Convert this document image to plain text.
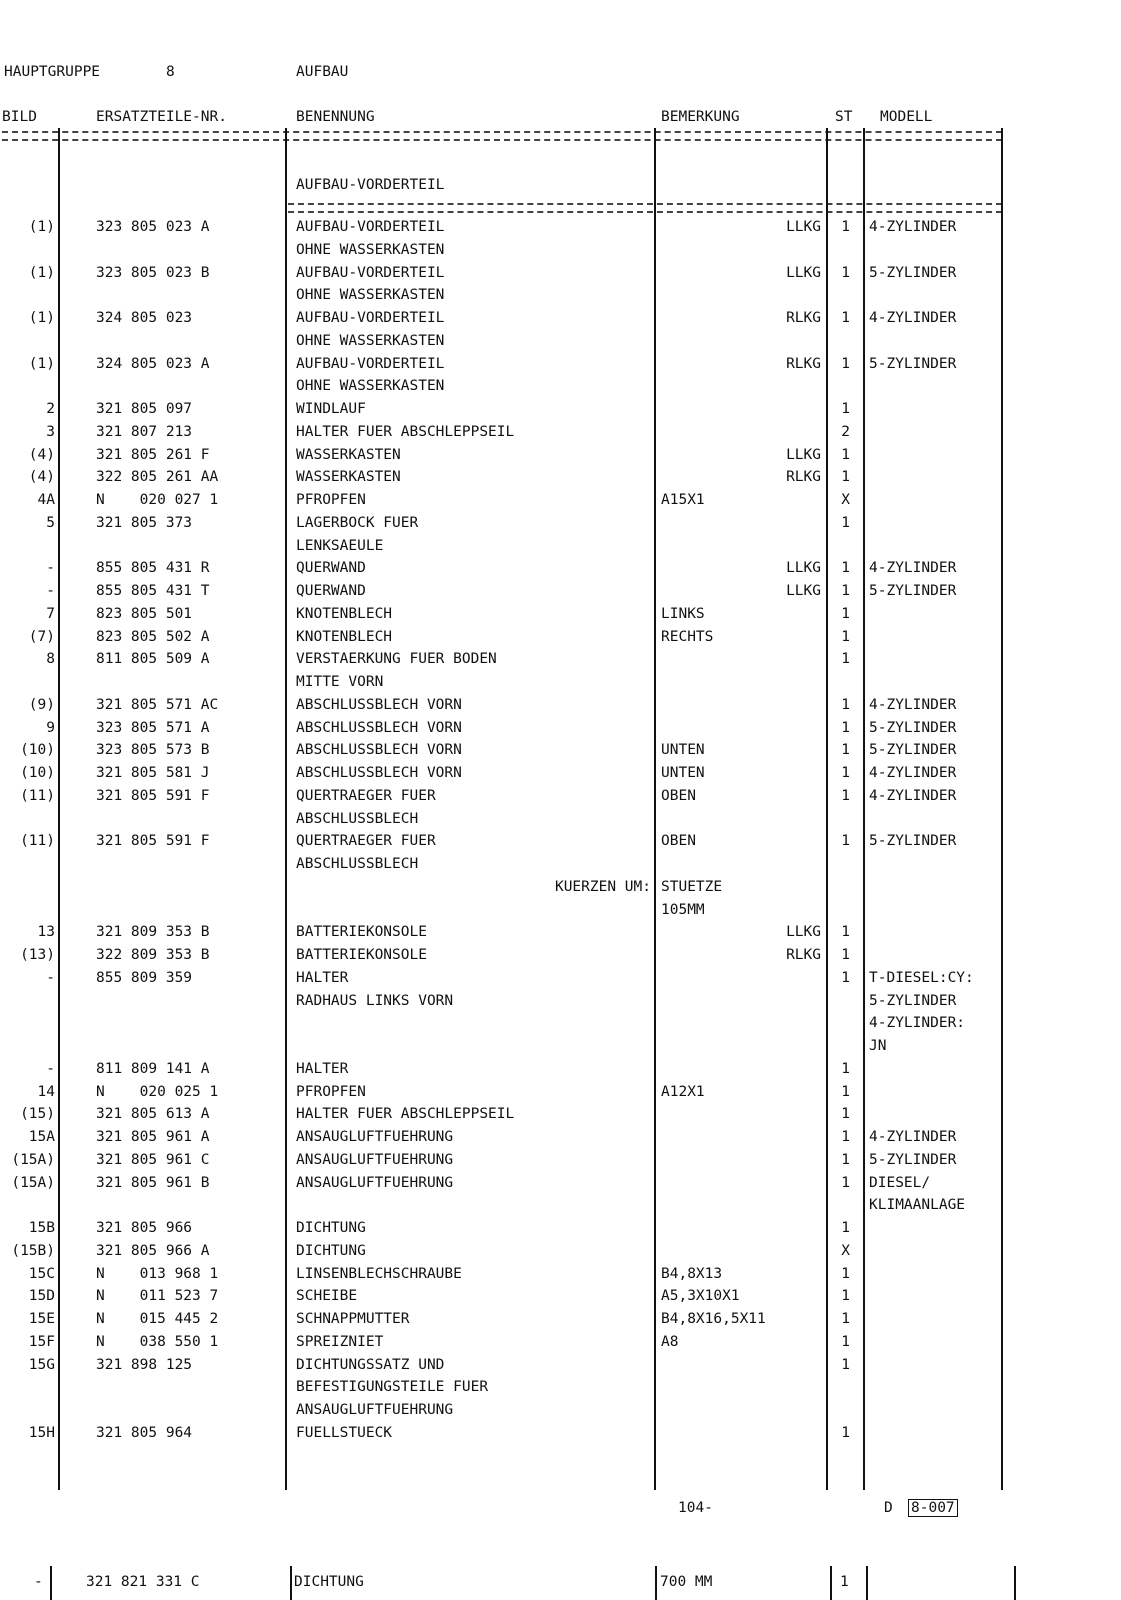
HAUPTGRUPPE	8	AUFBAU
BILD	ERSATZTEILE-NR.	BENENNUNG	BEMERKUNG	ST MODELL
AUFBAU-VORDERTEIL
(1)	323 805 023 A	AUFBAU-VORDERTEIL	LLKG 1 4-ZYLINDER
OHNE WASSERKASTEN
(1)	323 805 023 B	AUFBAU-VORDERTEIL	LLKG 1 5-ZYLINDER
OHNE WASSERKASTEN
(1)	324 805 023	AUFBAU-VORDERTEIL	RLKG 1 4-ZYLINDER
OHNE WASSERKASTEN
(1)	324 805 023 A	AUFBAU-VORDERTEIL	RLKG 1 5-ZYLINDER
OHNE WASSERKASTEN
2	321 805 097	WINDLAUF	1
3	321 807 213	HALTER FUER ABSCHLEPPSEIL	2
(4)	321 805 261 F	WASSERKASTEN	LLKG 1
(4)	322 805 261 AA	WASSERKASTEN	RLKG 1
4A	N    020 027 1	PFROPFEN	A15X1	X
5	321 805 373	LAGERBOCK FUER	1
LENKSAEULE
-	855 805 431 R	QUERWAND	LLKG 1 4-ZYLINDER
-	855 805 431 T	QUERWAND	LLKG 1 5-ZYLINDER
7	823 805 501	KNOTENBLECH	LINKS	1
(7)	823 805 502 A	KNOTENBLECH	RECHTS	1
8	811 805 509 A	VERSTAERKUNG FUER BODEN	1
MITTE VORN
(9)	321 805 571 AC	ABSCHLUSSBLECH VORN	1 4-ZYLINDER
9	323 805 571 A	ABSCHLUSSBLECH VORN	1 5-ZYLINDER
(10)	323 805 573 B	ABSCHLUSSBLECH VORN	UNTEN	1 5-ZYLINDER
(10)	321 805 581 J	ABSCHLUSSBLECH VORN	UNTEN	1 4-ZYLINDER
(11)	321 805 591 F	QUERTRAEGER FUER	OBEN	1 4-ZYLINDER
ABSCHLUSSBLECH
(11)	321 805 591 F	QUERTRAEGER FUER	OBEN	1 5-ZYLINDER
ABSCHLUSSBLECH
KUERZEN UM: STUETZE
105MM
13	321 809 353 B	BATTERIEKONSOLE	LLKG 1
(13)	322 809 353 B	BATTERIEKONSOLE	RLKG 1
-	855 809 359	HALTER	1 T-DIESEL:CY:
RADHAUS LINKS VORN	5-ZYLINDER
4-ZYLINDER:
JN
-	811 809 141 A	HALTER	1
14	N    020 025 1	PFROPFEN	A12X1	1
(15)	321 805 613 A	HALTER FUER ABSCHLEPPSEIL	1
15A	321 805 961 A	ANSAUGLUFTFUEHRUNG	1 4-ZYLINDER
(15A)	321 805 961 C	ANSAUGLUFTFUEHRUNG	1 5-ZYLINDER
(15A)	321 805 961 B	ANSAUGLUFTFUEHRUNG	1 DIESEL/
KLIMAANLAGE
15B	321 805 966	DICHTUNG	1
(15B)	321 805 966 A	DICHTUNG	X
15C	N    013 968 1	LINSENBLECHSCHRAUBE	B4,8X13	1
15D	N    011 523 7	SCHEIBE	A5,3X10X1	1
15E	N    015 445 2	SCHNAPPMUTTER	B4,8X16,5X11	1
15F	N    038 550 1	SPREIZNIET	A8	1
15G	321 898 125	DICHTUNGSSATZ UND	1
BEFESTIGUNGSTEILE FUER
ANSAUGLUFTFUEHRUNG
15H	321 805 964	FUELLSTUECK	1
104-	D 8-007
-	321 821 331 C	DICHTUNG	700 MM	1
